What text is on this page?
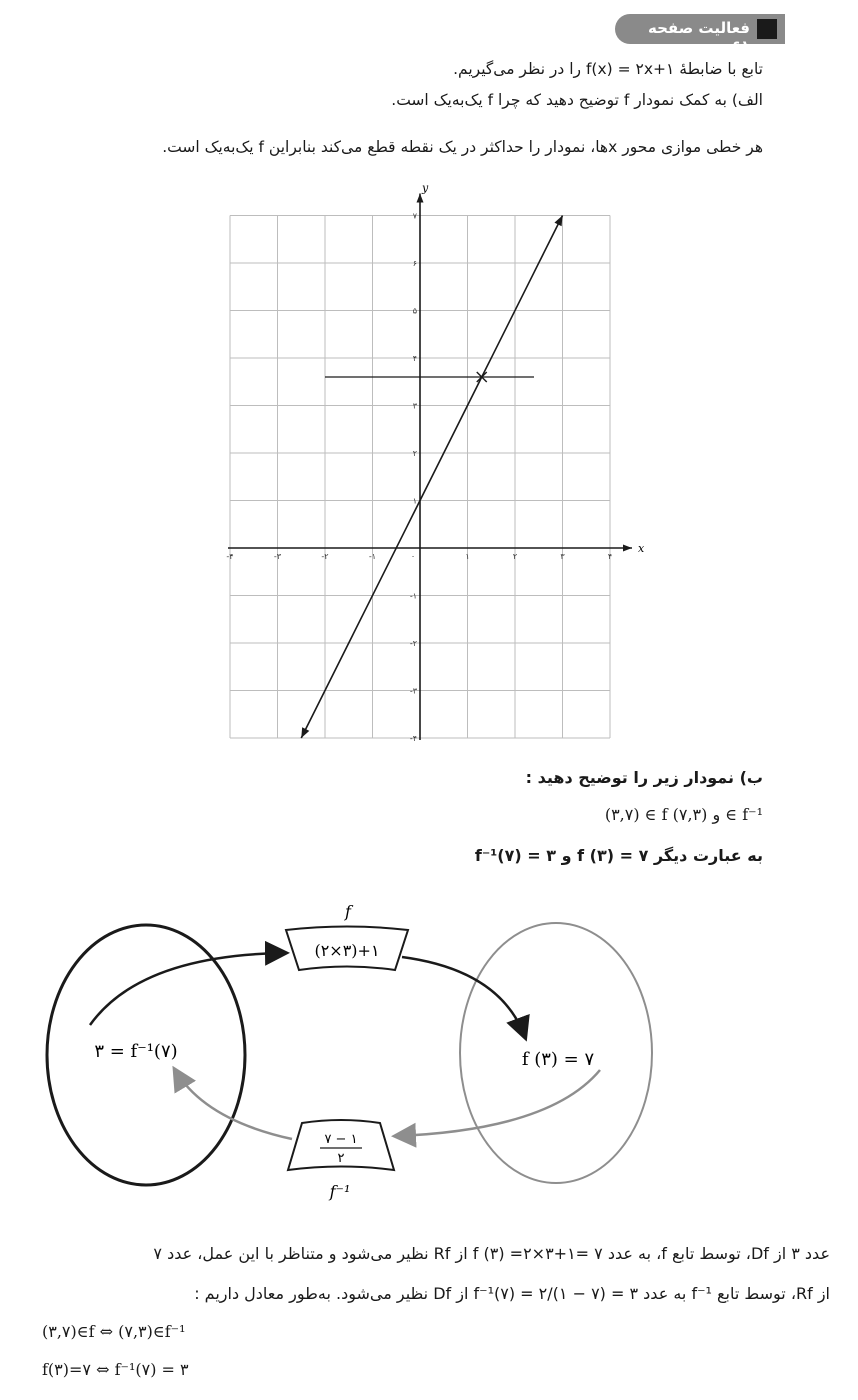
فعالیت صفحه ۶۱
تابع با ضابطهٔ f(x) = ۲x+۱ را در نظر می‌گیریم.
الف) به کمک نمودار f توضیح دهید که چرا f یک‌به‌یک است.
هر خطی موازی محور xها، نمودار را حداکثر در یک نقطه قطع می‌کند بنابراین f یک‌به‌یک است.
-۴	-۳	-۲	-۱	۰	۱	۲	۳	۴
۷
۶
۵
۴
۳
۲
۱
-۱
-۲
-۳
-۴
x
y
ب) نمودار زیر را توضیح دهید :
(۳,۷) ∈ f و (۷,۳) ∈ f⁻¹
به عبارت دیگر ۷ = (۳) f و ۳ = (۷)f⁻¹
f
(۲×۳)+۱
۳ = f⁻¹(۷)	f (۳) = ۷
۷ − ۱
۲
f⁻¹
عدد ۳ از Df، توسط تابع f، به عدد ۷ =۱+۳×۲= (۳) f از Rf نظیر می‌شود و متناظر با این عمل، عدد ۷
از Rf، توسط تابع f⁻¹ به عدد ۳ = (۷ − ۱)/۲ = (۷)f⁻¹ از Df نظیر می‌شود. به‌طور معادل داریم :
(۳,۷)∈f ⇔ (۷,۳)∈f⁻¹
f(۳)=۷ ⇔ f⁻¹(۷) = ۳
